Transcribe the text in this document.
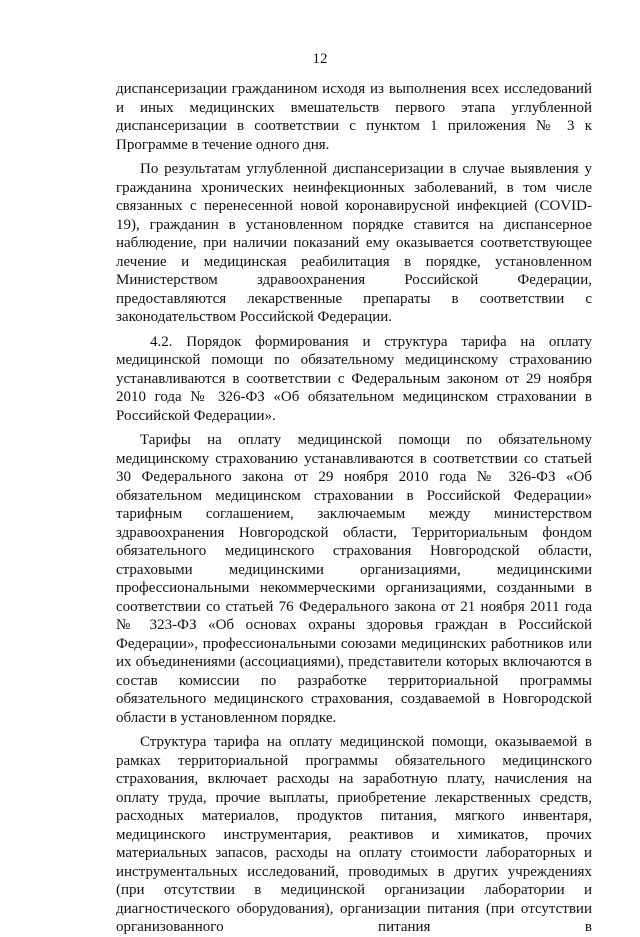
12

диспансеризации гражданином исходя из выполнения всех исследований и иных медицинских вмешательств первого этапа углубленной диспансеризации в соответствии с пунктом 1 приложения № 3 к Программе в течение одного дня.

По результатам углубленной диспансеризации в случае выявления у гражданина хронических неинфекционных заболеваний, в том числе связанных с перенесенной новой коронавирусной инфекцией (COVID-19), гражданин в установленном порядке ставится на диспансерное наблюдение, при наличии показаний ему оказывается соответствующее лечение и медицинская реабилитация в порядке, установленном Министерством здравоохранения Российской Федерации, предоставляются лекарственные препараты в соответствии с законодательством Российской Федерации.

4.2. Порядок формирования и структура тарифа на оплату медицинской помощи по обязательному медицинскому страхованию устанавливаются в соответствии с Федеральным законом от 29 ноября 2010 года № 326-ФЗ «Об обязательном медицинском страховании в Российской Федерации».

Тарифы на оплату медицинской помощи по обязательному медицинскому страхованию устанавливаются в соответствии со статьей 30 Федерального закона от 29 ноября 2010 года № 326-ФЗ «Об обязательном медицинском страховании в Российской Федерации» тарифным соглашением, заключаемым между министерством здравоохранения Новгородской области, Территориальным фондом обязательного медицинского страхования Новгородской области, страховыми медицинскими организациями, медицинскими профессиональными некоммерческими организациями, созданными в соответствии со статьей 76 Федерального закона от 21 ноября 2011 года № 323-ФЗ «Об основах охраны здоровья граждан в Российской Федерации», профессиональными союзами медицинских работников или их объединениями (ассоциациями), представители которых включаются в состав комиссии по разработке территориальной программы обязательного медицинского страхования, создаваемой в Новгородской области в установленном порядке.

Структура тарифа на оплату медицинской помощи, оказываемой в рамках территориальной программы обязательного медицинского страхования, включает расходы на заработную плату, начисления на оплату труда, прочие выплаты, приобретение лекарственных средств, расходных материалов, продуктов питания, мягкого инвентаря, медицинского инструментария, реактивов и химикатов, прочих материальных запасов, расходы на оплату стоимости лабораторных и инструментальных исследований, проводимых в других учреждениях (при отсутствии в медицинской организации лаборатории и диагностического оборудования), организации питания (при отсутствии организованного питания в
